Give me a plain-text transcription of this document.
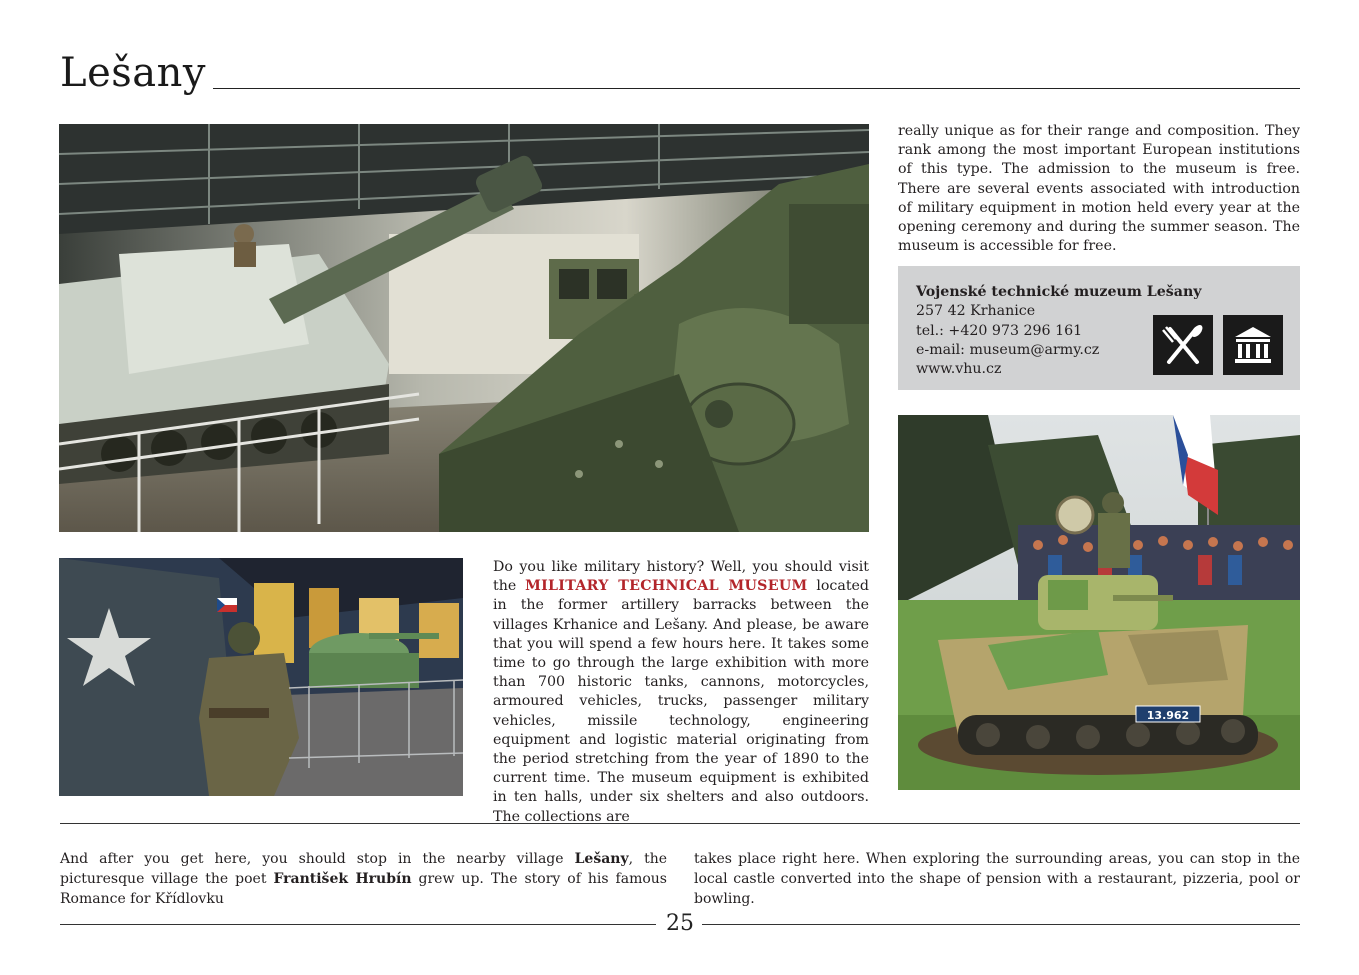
Lešany

really unique as for their range and composition. They rank among the most important European institutions of this type. The admission to the museum is free. There are several events associated with introduction of military equipment in motion held every year at the opening ceremony and during the summer season. The museum is accessible for free.

Vojenské technické muzeum Lešany
257 42 Krhanice
tel.: +420 973 296 161
e-mail: museum@army.cz
www.vhu.cz

Do you like military history? Well, you should visit the MILITARY TECHNICAL MUSEUM located in the former artillery barracks between the villages Krhanice and Lešany. And please, be aware that you will spend a few hours here. It takes some time to go through the large exhibition with more than 700 historic tanks, cannons, motorcycles, armoured vehicles, trucks, passenger military vehicles, missile technology, engineering equipment and logistic material originating from the period stretching from the year of 1890 to the current time. The museum equipment is exhibited in ten halls, under six shelters and also outdoors. The collections are

13.962

And after you get here, you should stop in the nearby village Lešany, the picturesque village the poet František Hrubín grew up. The story of his famous Romance for Křídlovku

takes place right here. When exploring the surrounding areas, you can stop in the local castle converted into the shape of pension with a restaurant, pizzeria, pool or bowling.

25
